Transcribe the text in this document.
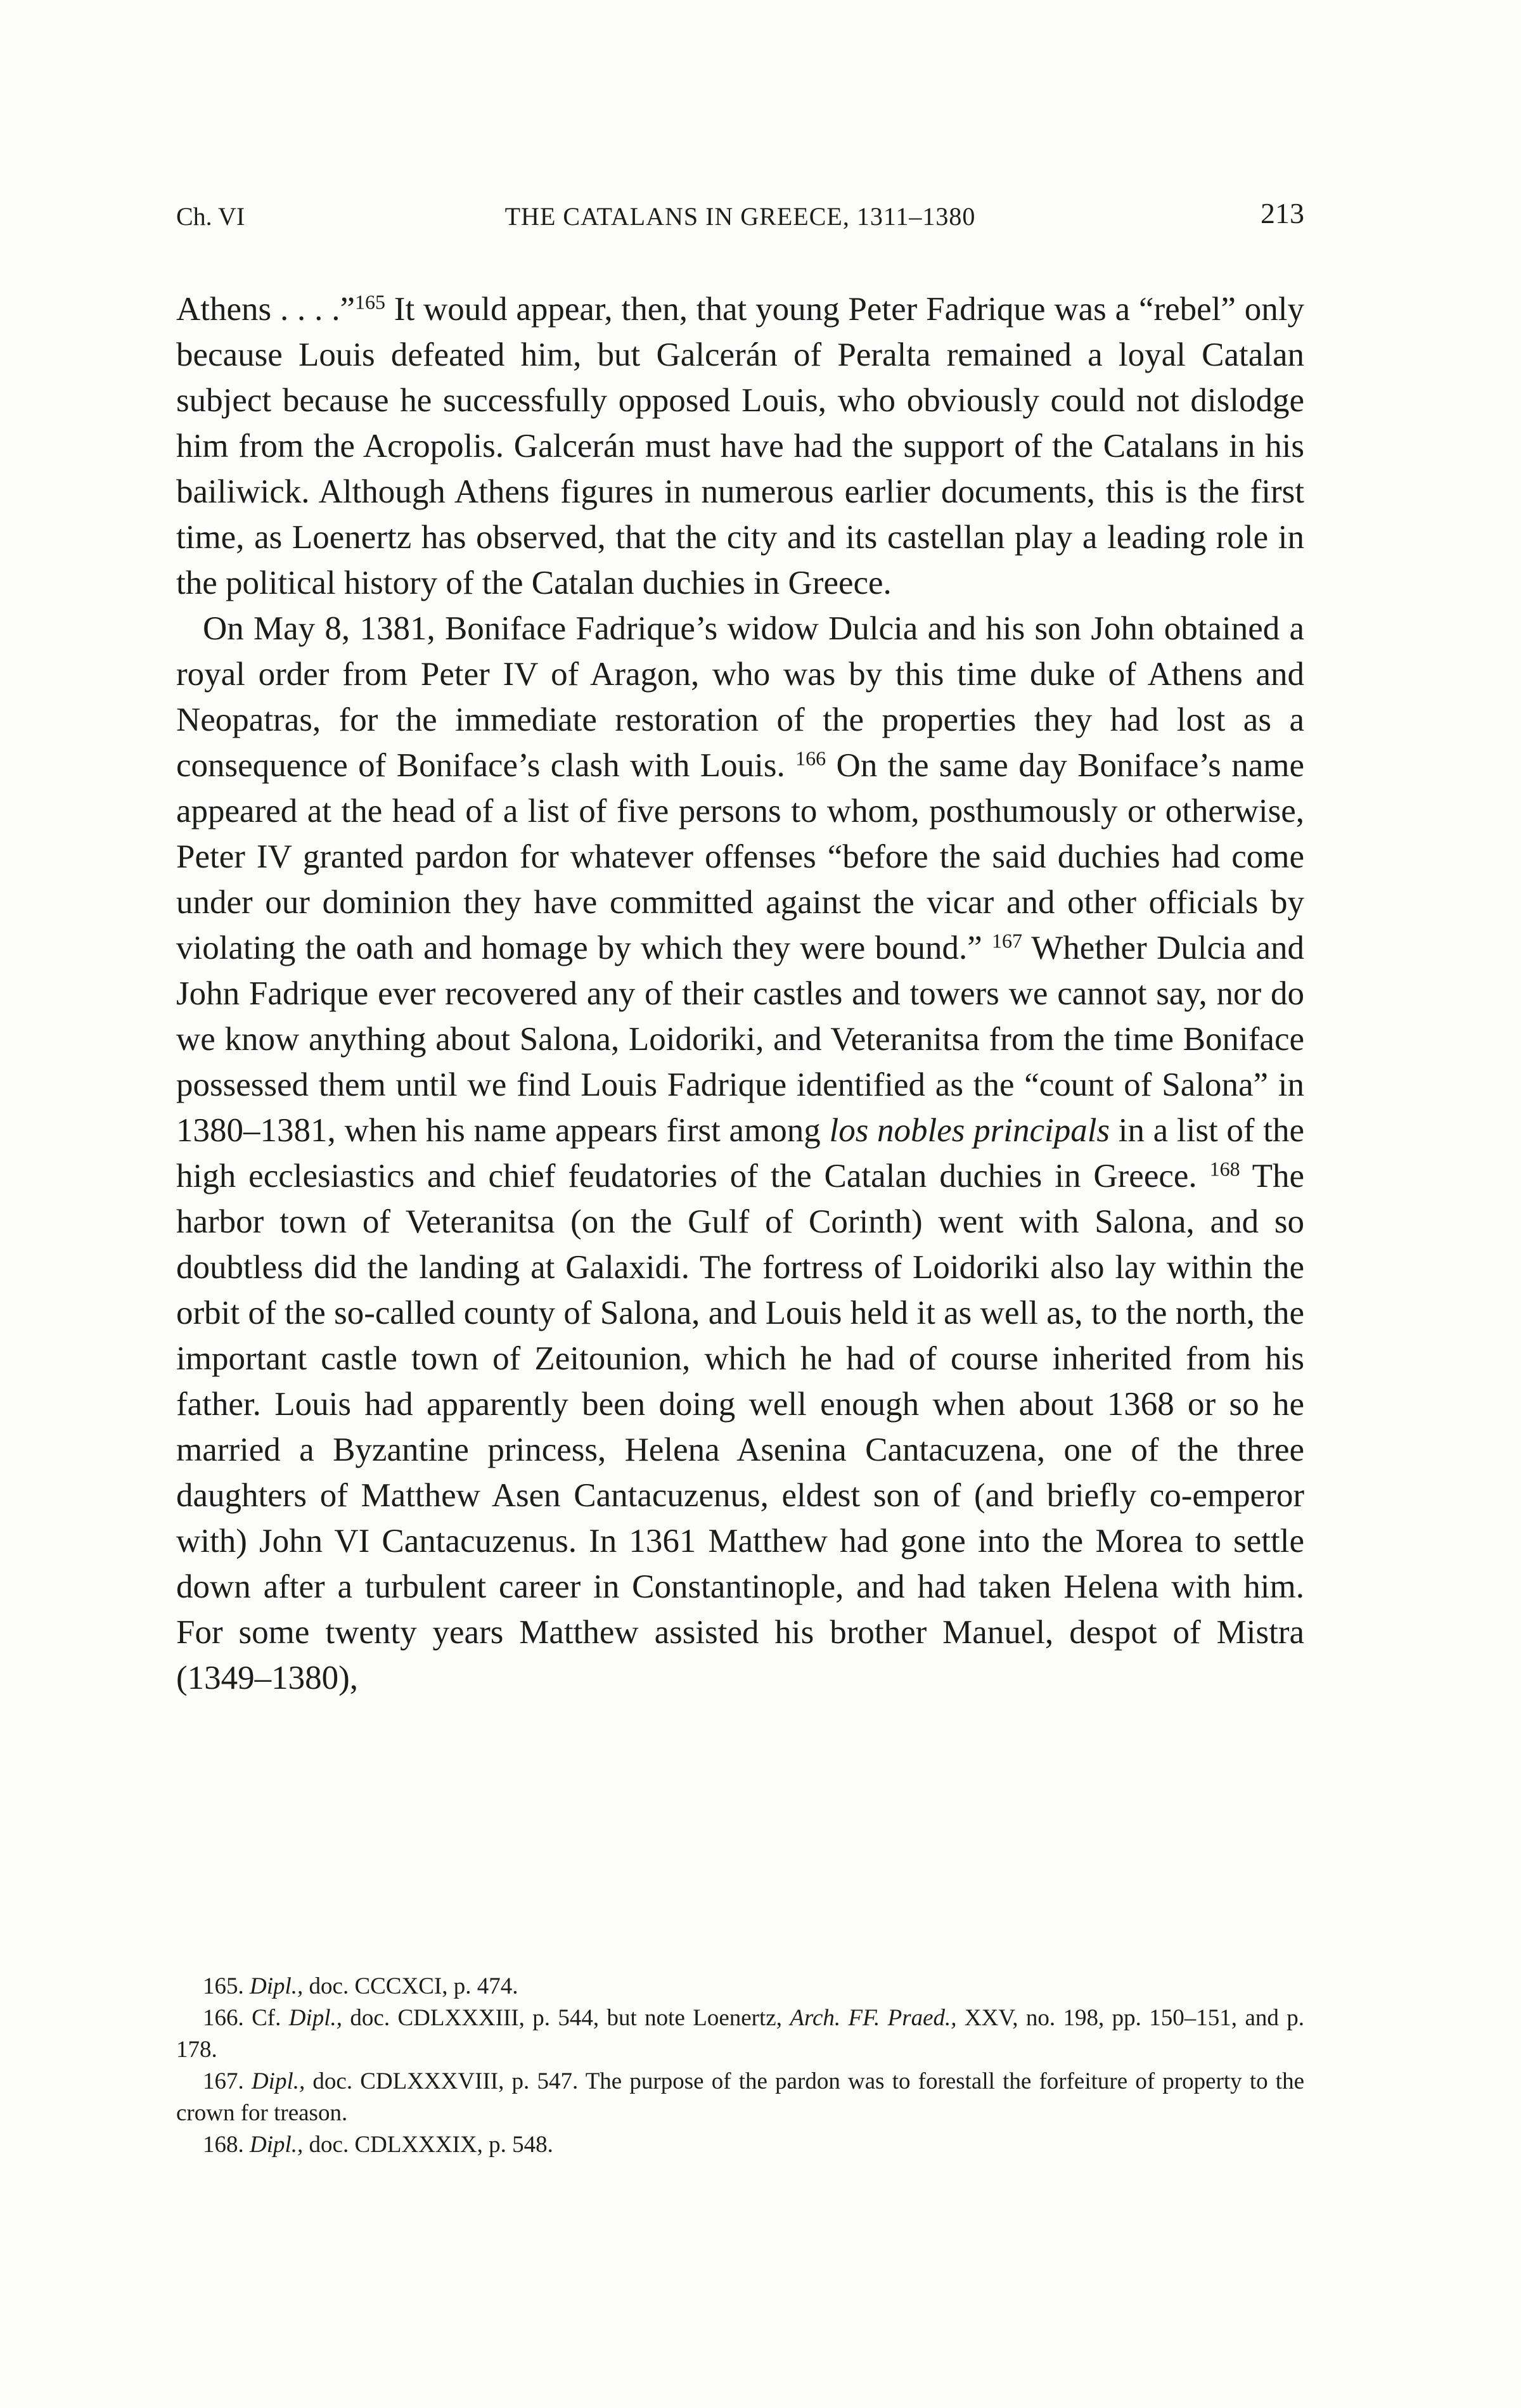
Ch. VI	THE CATALANS IN GREECE, 1311–1380	213

Athens . . . .”$^{165}$ It would appear, then, that young Peter Fadrique was a “rebel” only because Louis defeated him, but Galcerán of Peralta remained a loyal Catalan subject because he successfully opposed Louis, who obviously could not dislodge him from the Acropolis. Galcerán must have had the support of the Catalans in his bailiwick. Although Athens figures in numerous earlier documents, this is the first time, as Loenertz has observed, that the city and its castellan play a leading role in the political history of the Catalan duchies in Greece.

On May 8, 1381, Boniface Fadrique’s widow Dulcia and his son John obtained a royal order from Peter IV of Aragon, who was by this time duke of Athens and Neopatras, for the immediate restoration of the properties they had lost as a consequence of Boniface’s clash with Louis. $^{166}$ On the same day Boniface’s name appeared at the head of a list of five persons to whom, posthumously or otherwise, Peter IV granted pardon for whatever offenses “before the said duchies had come under our dominion they have committed against the vicar and other officials by violating the oath and homage by which they were bound.” $^{167}$ Whether Dulcia and John Fadrique ever recovered any of their castles and towers we cannot say, nor do we know anything about Salona, Loidoriki, and Veteranitsa from the time Boniface possessed them until we find Louis Fadrique identified as the “count of Salona” in 1380–1381, when his name appears first among los nobles principals in a list of the high ecclesiastics and chief feudatories of the Catalan duchies in Greece. $^{168}$ The harbor town of Veteranitsa (on the Gulf of Corinth) went with Salona, and so doubtless did the landing at Galaxidi. The fortress of Loidoriki also lay within the orbit of the so-called county of Salona, and Louis held it as well as, to the north, the important castle town of Zeitounion, which he had of course inherited from his father. Louis had apparently been doing well enough when about 1368 or so he married a Byzantine princess, Helena Asenina Cantacuzena, one of the three daughters of Matthew Asen Cantacuzenus, eldest son of (and briefly co-emperor with) John VI Cantacuzenus. In 1361 Matthew had gone into the Morea to settle down after a turbulent career in Constantinople, and had taken Helena with him. For some twenty years Matthew assisted his brother Manuel, despot of Mistra (1349–1380),

165. Dipl., doc. CCCXCI, p. 474.

166. Cf. Dipl., doc. CDLXXXIII, p. 544, but note Loenertz, Arch. FF. Praed., XXV, no. 198, pp. 150–151, and p. 178.

167. Dipl., doc. CDLXXXVIII, p. 547. The purpose of the pardon was to forestall the forfeiture of property to the crown for treason.

168. Dipl., doc. CDLXXXIX, p. 548.
